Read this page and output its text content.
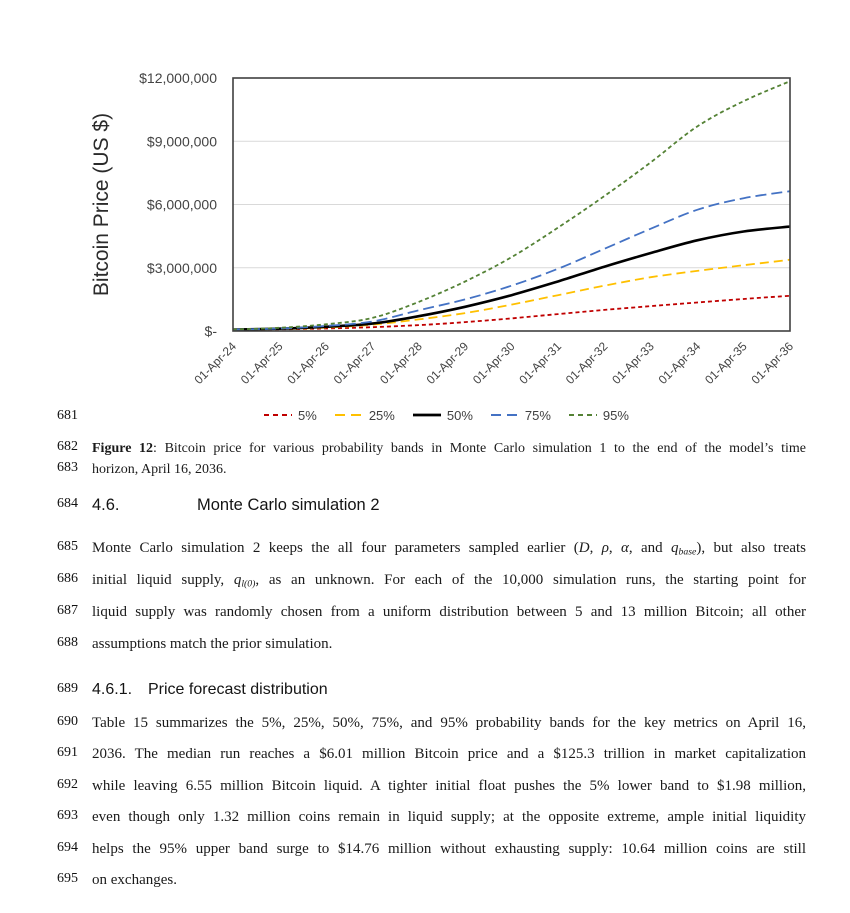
$-
$3,000,000
$6,000,000
$9,000,000
$12,000,000
01-Apr-24
01-Apr-25
01-Apr-26
01-Apr-27
01-Apr-28
01-Apr-29
01-Apr-30
01-Apr-31
01-Apr-32
01-Apr-33
01-Apr-34
01-Apr-35
01-Apr-36
Bitcoin Price (US $)
5%	25%	50%	75%	95%
681
682 Figure 12: Bitcoin price for various probability bands in Monte Carlo simulation 1 to the end of the model’s time
683 horizon, April 16, 2036.
684 4.6.	Monte Carlo simulation 2
685 Monte Carlo simulation 2 keeps the all four parameters sampled earlier (D, ρ, α, and qbase), but also treats
686 initial liquid supply, ql(0), as an unknown. For each of the 10,000 simulation runs, the starting point for
687 liquid supply was randomly chosen from a uniform distribution between 5 and 13 million Bitcoin; all other
688 assumptions match the prior simulation.
689 4.6.1. Price forecast distribution
690 Table 15 summarizes the 5%, 25%, 50%, 75%, and 95% probability bands for the key metrics on April 16,
691 2036. The median run reaches a $6.01 million Bitcoin price and a $125.3 trillion in market capitalization
692 while leaving 6.55 million Bitcoin liquid. A tighter initial float pushes the 5% lower band to $1.98 million,
693 even though only 1.32 million coins remain in liquid supply; at the opposite extreme, ample initial liquidity
694 helps the 95% upper band surge to $14.76 million without exhausting supply: 10.64 million coins are still
695 on exchanges.
